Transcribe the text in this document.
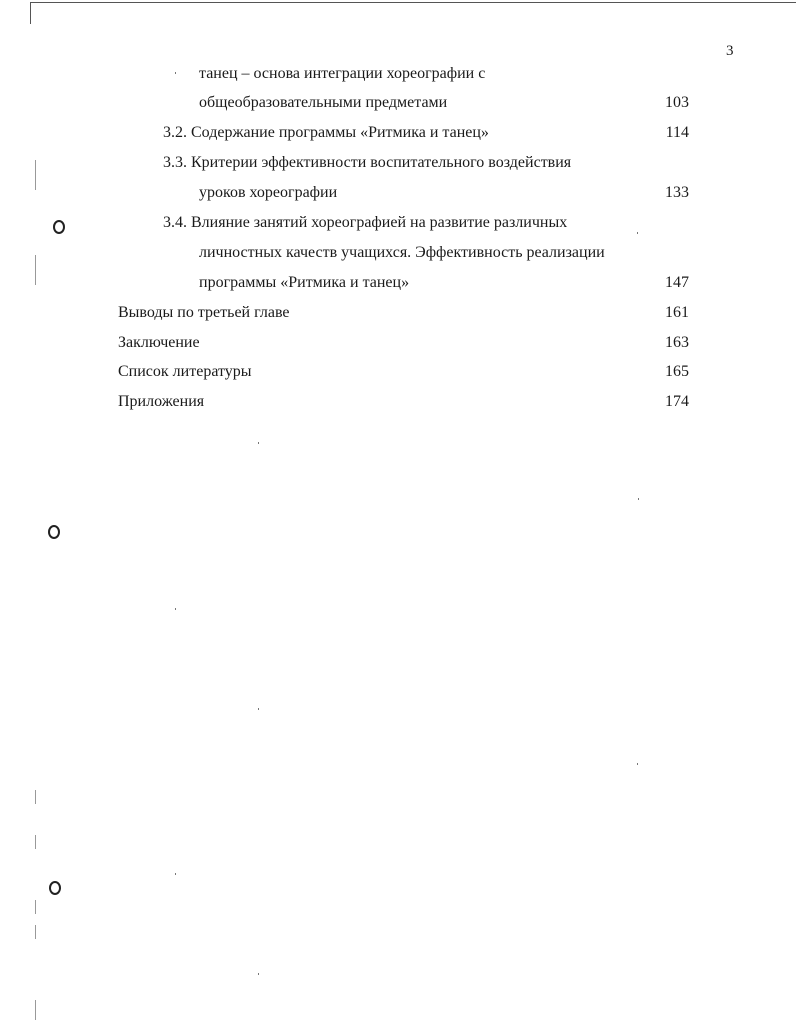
3
танец – основа интеграции хореографии с
общеобразовательными предметами	103
3.2. Содержание программы «Ритмика и танец»	114
3.3. Критерии эффективности воспитательного воздействия
уроков хореографии	133
3.4. Влияние занятий хореографией на развитие различных
личностных качеств учащихся. Эффективность реализации
программы «Ритмика и танец»	147
Выводы по третьей главе	161
Заключение	163
Список литературы	165
Приложения	174
